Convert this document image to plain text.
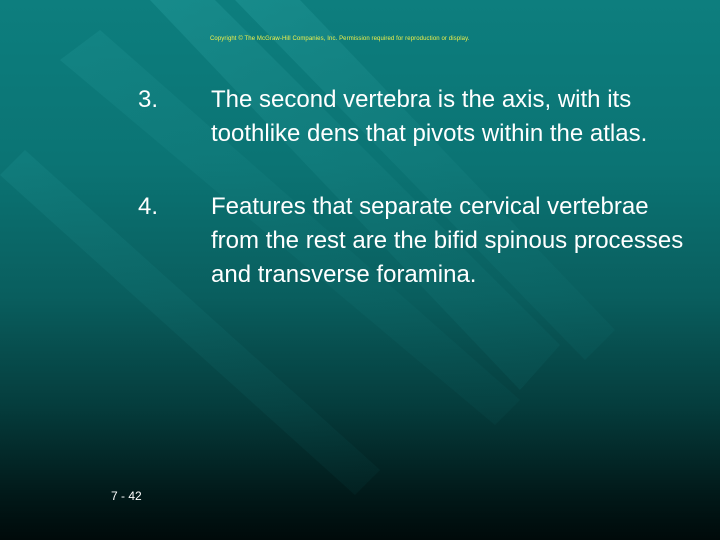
Copyright © The McGraw-Hill Companies, Inc. Permission required for reproduction or display.
3.	The second vertebra is the axis, with its toothlike dens that pivots within the atlas.
4.	Features that separate cervical vertebrae from the rest are the bifid spinous processes and transverse foramina.
7 - 42
